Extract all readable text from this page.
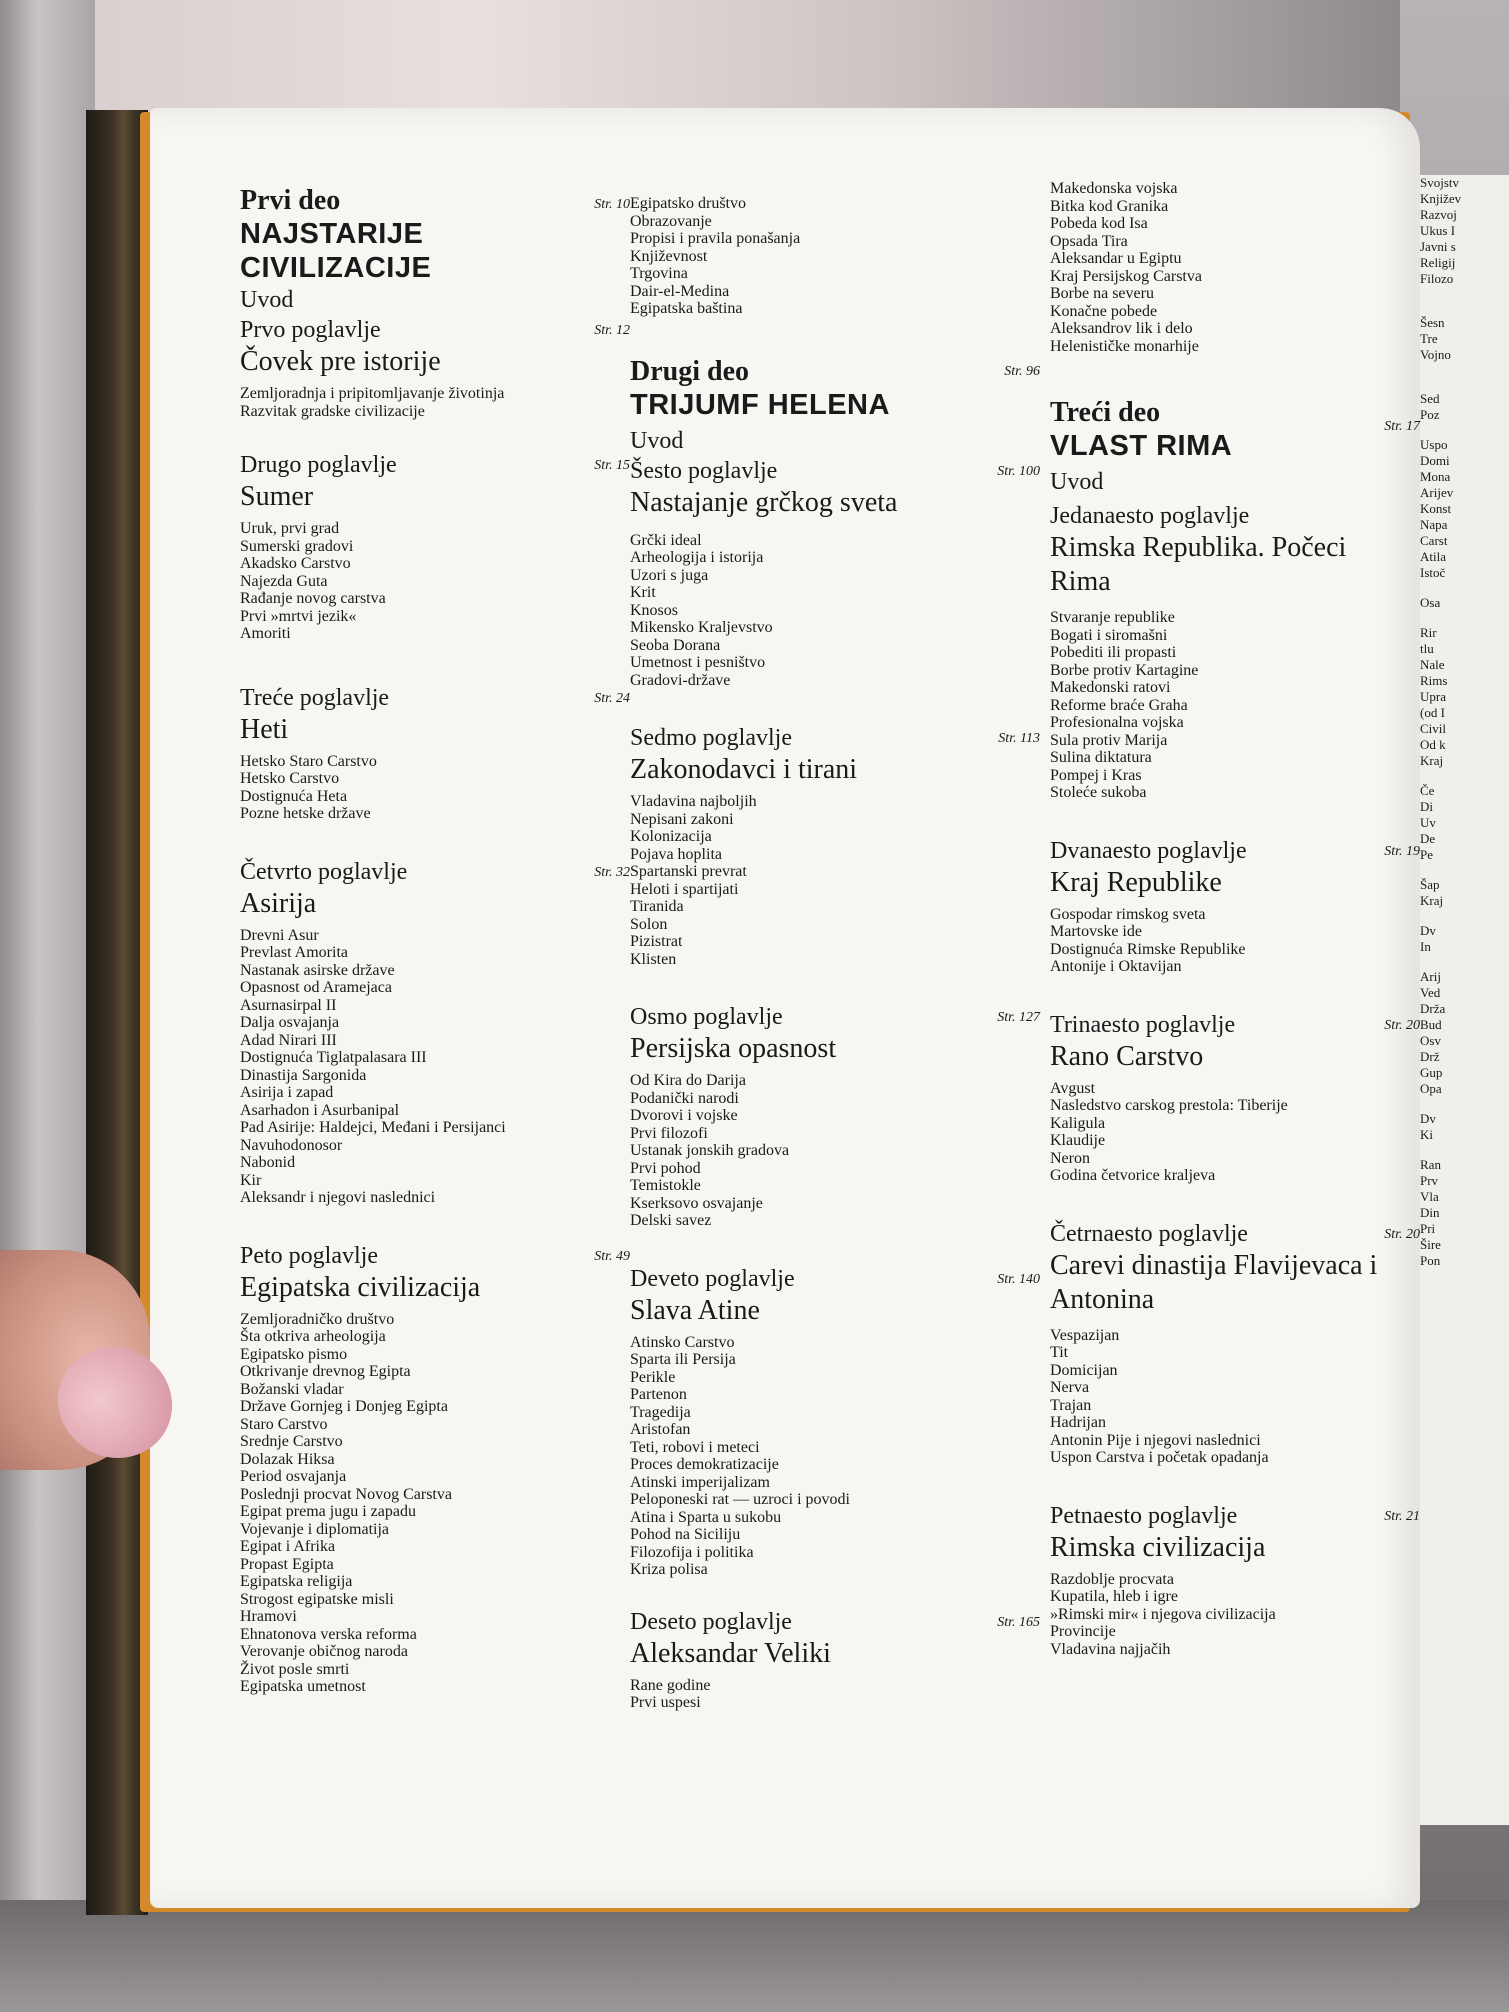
Svojstv
Književ
Razvoj
Ukus I
Javni s
Religij
Filozo
Šesn
Tre
Vojno
Sed
Poz
Uspo
Domi
Mona
Arijev
Konst
Napa
Carst
Atila
Istoč
Osa
Rir
tlu
Nale
Rims
Upra
(od I
Civil
Od k
Kraj
Če
Di
Uv
De
Pe
Šap
Kraj
Dv
In
Arij
Ved
Drža
Bud
Osv
Drž
Gup
Opa
Dv
Ki
Ran
Prv
Vla
Din
Pri
Šire
Pon
Prvi deo	Str. 10
NAJSTARIJE
CIVILIZACIJE
Uvod
Prvo poglavlje	Str. 12
Čovek pre istorije
Zemljoradnja i pripitomljavanje životinja
Razvitak gradske civilizacije
Drugo poglavlje	Str. 15
Sumer
Uruk, prvi grad
Sumerski gradovi
Akadsko Carstvo
Najezda Guta
Rađanje novog carstva
Prvi »mrtvi jezik«
Amoriti
Treće poglavlje	Str. 24
Heti
Hetsko Staro Carstvo
Hetsko Carstvo
Dostignuća Heta
Pozne hetske države
Četvrto poglavlje	Str. 32
Asirija
Drevni Asur
Prevlast Amorita
Nastanak asirske države
Opasnost od Aramejaca
Asurnasirpal II
Dalja osvajanja
Adad Nirari III
Dostignuća Tiglatpalasara III
Dinastija Sargonida
Asirija i zapad
Asarhadon i Asurbanipal
Pad Asirije: Haldejci, Međani i Persijanci
Navuhodonosor
Nabonid
Kir
Aleksandr i njegovi naslednici
Peto poglavlje	Str. 49
Egipatska civilizacija
Zemljoradničko društvo
Šta otkriva arheologija
Egipatsko pismo
Otkrivanje drevnog Egipta
Božanski vladar
Države Gornjeg i Donjeg Egipta
Staro Carstvo
Srednje Carstvo
Dolazak Hiksa
Period osvajanja
Poslednji procvat Novog Carstva
Egipat prema jugu i zapadu
Vojevanje i diplomatija
Egipat i Afrika
Propast Egipta
Egipatska religija
Strogost egipatske misli
Hramovi
Ehnatonova verska reforma
Verovanje običnog naroda
Život posle smrti
Egipatska umetnost
Egipatsko društvo
Obrazovanje
Propisi i pravila ponašanja
Književnost
Trgovina
Dair-el-Medina
Egipatska baština
Drugi deo	Str. 96
TRIJUMF HELENA
Uvod
Šesto poglavlje	Str. 100
Nastajanje grčkog sveta
Grčki ideal
Arheologija i istorija
Uzori s juga
Krit
Knosos
Mikensko Kraljevstvo
Seoba Dorana
Umetnost i pesništvo
Gradovi-države
Sedmo poglavlje	Str. 113
Zakonodavci i tirani
Vladavina najboljih
Nepisani zakoni
Kolonizacija
Pojava hoplita
Spartanski prevrat
Heloti i spartijati
Tiranida
Solon
Pizistrat
Klisten
Osmo poglavlje	Str. 127
Persijska opasnost
Od Kira do Darija
Podanički narodi
Dvorovi i vojske
Prvi filozofi
Ustanak jonskih gradova
Prvi pohod
Temistokle
Kserksovo osvajanje
Delski savez
Deveto poglavlje	Str. 140
Slava Atine
Atinsko Carstvo
Sparta ili Persija
Perikle
Partenon
Tragedija
Aristofan
Teti, robovi i meteci
Proces demokratizacije
Atinski imperijalizam
Peloponeski rat — uzroci i povodi
Atina i Sparta u sukobu
Pohod na Siciliju
Filozofija i politika
Kriza polisa
Deseto poglavlje	Str. 165
Aleksandar Veliki
Rane godine
Prvi uspesi
Makedonska vojska
Bitka kod Granika
Pobeda kod Isa
Opsada Tira
Aleksandar u Egiptu
Kraj Persijskog Carstva
Borbe na severu
Konačne pobede
Aleksandrov lik i delo
Helenističke monarhije
Treći deo	Str. 17
VLAST RIMA
Uvod
Jedanaesto poglavlje
Rimska Republika. Počeci Rima
Stvaranje republike
Bogati i siromašni
Pobediti ili propasti
Borbe protiv Kartagine
Makedonski ratovi
Reforme braće Graha
Profesionalna vojska
Sula protiv Marija
Sulina diktatura
Pompej i Kras
Stoleće sukoba
Dvanaesto poglavlje	Str. 19
Kraj Republike
Gospodar rimskog sveta
Martovske ide
Dostignuća Rimske Republike
Antonije i Oktavijan
Trinaesto poglavlje	Str. 20
Rano Carstvo
Avgust
Nasledstvo carskog prestola: Tiberije
Kaligula
Klaudije
Neron
Godina četvorice kraljeva
Četrnaesto poglavlje	Str. 20
Carevi dinastija Flavijevaca i Antonina
Vespazijan
Tit
Domicijan
Nerva
Trajan
Hadrijan
Antonin Pije i njegovi naslednici
Uspon Carstva i početak opadanja
Petnaesto poglavlje	Str. 21
Rimska civilizacija
Razdoblje procvata
Kupatila, hleb i igre
»Rimski mir« i njegova civilizacija
Provincije
Vladavina najjačih
